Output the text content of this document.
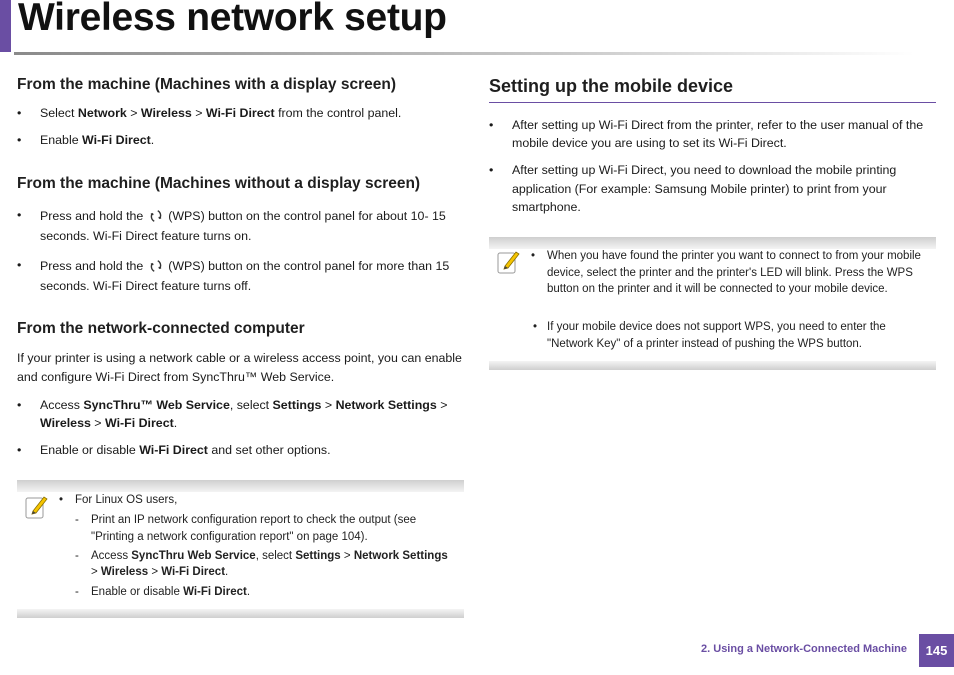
Wireless network setup
From the machine (Machines with a display screen)
•	Select Network > Wireless > Wi-Fi Direct from the control panel.
•	Enable Wi-Fi Direct.
From the machine (Machines without a display screen)
•	Press and hold the  (WPS) button on the control panel for about 10- 15 seconds. Wi-Fi Direct feature turns on.
•	Press and hold the  (WPS) button on the control panel for more than 15 seconds. Wi-Fi Direct feature turns off.
From the network-connected computer

If your printer is using a network cable or a wireless access point, you can enable and configure Wi-Fi Direct from SyncThru™ Web Service.

•	Access SyncThru™ Web Service, select Settings > Network Settings > Wireless > Wi-Fi Direct.
•	Enable or disable Wi-Fi Direct and set other options.
•	For Linux OS users,
-	Print an IP network configuration report to check the output (see "Printing a network configuration report" on page 104).
-	Access SyncThru Web Service, select Settings > Network Settings
> Wireless > Wi-Fi Direct.
-	Enable or disable Wi-Fi Direct.
Setting up the mobile device
•	After setting up Wi-Fi Direct from the printer, refer to the user manual of the mobile device you are using to set its Wi-Fi Direct.
•	After setting up Wi-Fi Direct, you need to download the mobile printing application (For example: Samsung Mobile printer) to print from your smartphone.
•	When you have found the printer you want to connect to from your mobile device, select the printer and the printer's LED will blink. Press the WPS button on the printer and it will be connected to your mobile device.
• If your mobile device does not support WPS, you need to enter the "Network Key" of a printer instead of pushing the WPS button.
2. Using a Network-Connected Machine	145
